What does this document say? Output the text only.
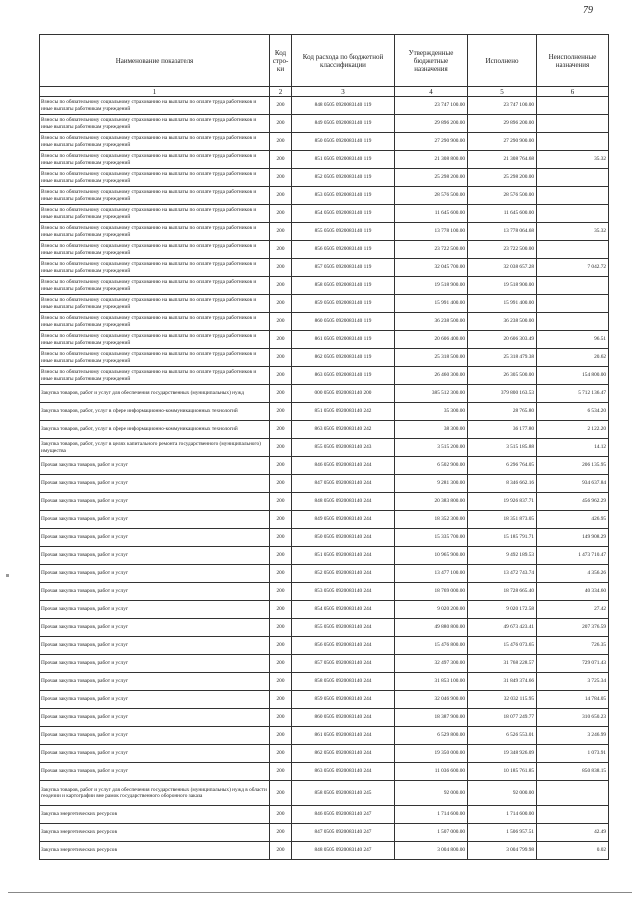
79
Наименование показателя	Код стро-ки	Код расхода по бюджетной классификации	Утвержденные бюджетные назначения	Исполнено	Неисполненные назначения
1	2	3	4	5	6
Взносы по обязательному социальному страхованию на выплаты по оплате труда работников и иные выплаты работникам учреждений	200	848 0505 0920083140 119	23 747 100.00	23 747 100.00	
Взносы по обязательному социальному страхованию на выплаты по оплате труда работников и иные выплаты работникам учреждений	200	849 0505 0920083140 119	29 896 200.00	29 896 200.00	
Взносы по обязательному социальному страхованию на выплаты по оплате труда работников и иные выплаты работникам учреждений	200	850 0505 0920083140 119	27 290 900.00	27 290 900.00	
Взносы по обязательному социальному страхованию на выплаты по оплате труда работников и иные выплаты работникам учреждений	200	851 0505 0920083140 119	21 308 800.00	21 308 764.68	35.32
Взносы по обязательному социальному страхованию на выплаты по оплате труда работников и иные выплаты работникам учреждений	200	852 0505 0920083140 119	25 298 200.00	25 298 200.00	
Взносы по обязательному социальному страхованию на выплаты по оплате труда работников и иные выплаты работникам учреждений	200	853 0505 0920083140 119	28 576 500.00	28 576 500.00	
Взносы по обязательному социальному страхованию на выплаты по оплате труда работников и иные выплаты работникам учреждений	200	854 0505 0920083140 119	11 645 600.00	11 645 600.00	
Взносы по обязательному социальному страхованию на выплаты по оплате труда работников и иные выплаты работникам учреждений	200	855 0505 0920083140 119	13 778 100.00	13 778 064.68	35.32
Взносы по обязательному социальному страхованию на выплаты по оплате труда работников и иные выплаты работникам учреждений	200	856 0505 0920083140 119	23 722 500.00	23 722 500.00	
Взносы по обязательному социальному страхованию на выплаты по оплате труда работников и иные выплаты работникам учреждений	200	857 0505 0920083140 119	32 045 700.00	32 038 657.28	7 042.72
Взносы по обязательному социальному страхованию на выплаты по оплате труда работников и иные выплаты работникам учреждений	200	858 0505 0920083140 119	19 518 900.00	19 518 900.00	
Взносы по обязательному социальному страхованию на выплаты по оплате труда работников и иные выплаты работникам учреждений	200	859 0505 0920083140 119	15 991 400.00	15 991 400.00	
Взносы по обязательному социальному страхованию на выплаты по оплате труда работников и иные выплаты работникам учреждений	200	860 0505 0920083140 119	36 238 500.00	36 238 500.00	
Взносы по обязательному социальному страхованию на выплаты по оплате труда работников и иные выплаты работникам учреждений	200	861 0505 0920083140 119	20 606 400.00	20 606 303.49	96.51
Взносы по обязательному социальному страхованию на выплаты по оплате труда работников и иные выплаты работникам учреждений	200	862 0505 0920083140 119	25 318 500.00	25 318 479.38	20.62
Взносы по обязательному социальному страхованию на выплаты по оплате труда работников и иные выплаты работникам учреждений	200	863 0505 0920083140 119	26 460 300.00	26 305 500.00	154 800.00
Закупка товаров, работ и услуг для обеспечения государственных (муниципальных) нужд	200	000 0505 0920083140 200	385 512 300.00	379 800 163.53	5 712 136.47
Закупка товаров, работ, услуг в сфере информационно-коммуникационных технологий	200	851 0505 0920083140 242	35 300.00	28 765.80	6 534.20
Закупка товаров, работ, услуг в сфере информационно-коммуникационных технологий	200	863 0505 0920083140 242	38 300.00	36 177.80	2 122.20
Закупка товаров, работ, услуг в целях капитального ремонта государственного (муниципального) имущества	200	855 0505 0920083140 243	3 515 200.00	3 515 185.88	14.12
Прочая закупка товаров, работ и услуг	200	846 0505 0920083140 244	6 502 900.00	6 296 764.05	206 135.95
Прочая закупка товаров, работ и услуг	200	847 0505 0920083140 244	9 281 300.00	8 346 662.16	934 637.84
Прочая закупка товаров, работ и услуг	200	848 0505 0920083140 244	20 383 800.00	19 926 837.71	456 962.29
Прочая закупка товаров, работ и услуг	200	849 0505 0920083140 244	18 352 300.00	18 351 873.05	426.95
Прочая закупка товаров, работ и услуг	200	850 0505 0920083140 244	15 335 700.00	15 185 791.71	149 908.29
Прочая закупка товаров, работ и услуг	200	851 0505 0920083140 244	10 965 900.00	9 492 189.53	1 473 710.47
Прочая закупка товаров, работ и услуг	200	852 0505 0920083140 244	13 477 100.00	13 472 743.74	4 356.26
Прочая закупка товаров, работ и услуг	200	853 0505 0920083140 244	18 769 000.00	18 728 665.40	40 334.60
Прочая закупка товаров, работ и услуг	200	854 0505 0920083140 244	9 020 200.00	9 020 172.58	27.42
Прочая закупка товаров, работ и услуг	200	855 0505 0920083140 244	49 880 800.00	49 673 423.41	207 376.59
Прочая закупка товаров, работ и услуг	200	856 0505 0920083140 244	15 476 800.00	15 476 073.65	726.35
Прочая закупка товаров, работ и услуг	200	857 0505 0920083140 244	32 497 300.00	31 768 228.57	729 071.43
Прочая закупка товаров, работ и услуг	200	858 0505 0920083140 244	31 853 100.00	31 849 374.66	3 725.34
Прочая закупка товаров, работ и услуг	200	859 0505 0920083140 244	32 046 900.00	32 032 115.95	14 784.05
Прочая закупка товаров, работ и услуг	200	860 0505 0920083140 244	18 387 900.00	18 077 249.77	310 650.23
Прочая закупка товаров, работ и услуг	200	861 0505 0920083140 244	6 529 800.00	6 526 553.01	3 246.99
Прочая закупка товаров, работ и услуг	200	862 0505 0920083140 244	19 350 000.00	19 348 926.09	1 073.91
Прочая закупка товаров, работ и услуг	200	863 0505 0920083140 244	11 036 600.00	10 185 761.85	850 838.15
Закупка товаров, работ и услуг для обеспечения государственных (муниципальных) нужд в области геодезии и картографии вне рамок государственного оборонного заказа	200	858 0505 0920083140 245	92 000.00	92 000.00	
Закупка энергетических ресурсов	200	846 0505 0920083140 247	1 714 600.00	1 714 600.00	
Закупка энергетических ресурсов	200	847 0505 0920083140 247	1 507 000.00	1 506 957.51	42.49
Закупка энергетических ресурсов	200	848 0505 0920083140 247	3 004 800.00	3 004 799.98	0.02
